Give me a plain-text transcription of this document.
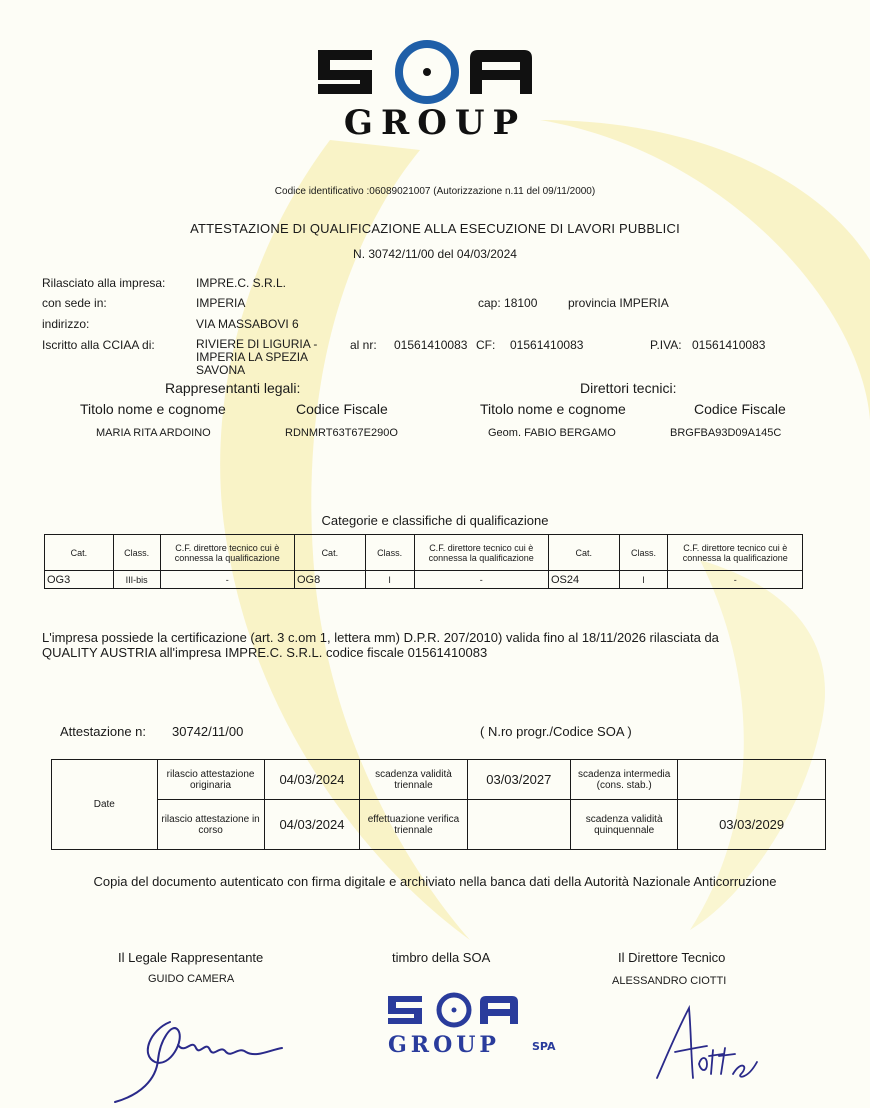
GROUP
Codice identificativo :06089021007 (Autorizzazione n.11 del 09/11/2000)
ATTESTAZIONE DI QUALIFICAZIONE ALLA ESECUZIONE DI LAVORI PUBBLICI
N. 30742/11/00 del 04/03/2024
Rilasciato alla impresa:	IMPRE.C. S.R.L.
con sede in:	IMPERIA	cap: 18100	provincia IMPERIA
indirizzo:	VIA MASSABOVI 6
Iscritto alla CCIAA di:	RIVIERE DI LIGURIA -
IMPERIA LA SPEZIA
SAVONA
al nr: 01561410083 CF: 01561410083	P.IVA: 01561410083
Rappresentanti legali:	Direttori tecnici:
Titolo nome e cognome	Codice Fiscale	Titolo nome e cognome	Codice Fiscale
MARIA RITA ARDOINO	RDNMRT63T67E290O	Geom. FABIO BERGAMO	BRGFBA93D09A145C
Categorie e classifiche di qualificazione
Cat.	Class.	C.F. direttore tecnico cui è connessa la qualificazione	Cat.	Class.	C.F. direttore tecnico cui è connessa la qualificazione	Cat.	Class.	C.F. direttore tecnico cui è connessa la qualificazione
OG3	III-bis	-	OG8	I	-	OS24	I	-
L'impresa possiede la certificazione (art. 3 c.om 1, lettera mm) D.P.R. 207/2010) valida fino al 18/11/2026 rilasciata da
QUALITY AUSTRIA all'impresa IMPRE.C. S.R.L. codice fiscale 01561410083
Attestazione n: 30742/11/00	( N.ro progr./Codice SOA )
Date	rilascio attestazione originaria	04/03/2024	scadenza validità triennale	03/03/2027	scadenza intermedia (cons. stab.)	
	rilascio attestazione in corso	04/03/2024	effettuazione verifica triennale		scadenza validità quinquennale	03/03/2029
Copia del documento autenticato con firma digitale e archiviato nella banca dati della Autorità Nazionale Anticorruzione
Il Legale Rappresentante
GUIDO CAMERA
timbro della SOA	Il Direttore Tecnico
ALESSANDRO CIOTTI
GROUP	SPA
